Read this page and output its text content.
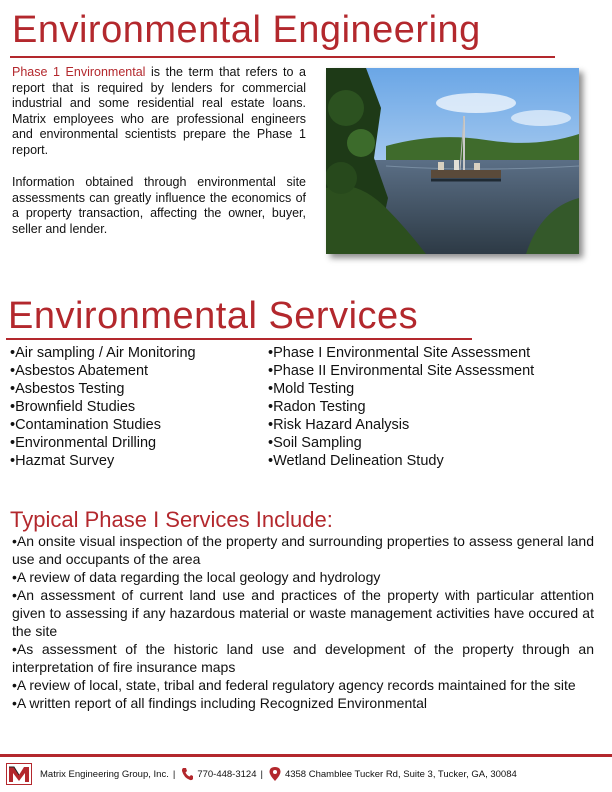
Environmental Engineering

Phase 1 Environmental is the term that refers to a report that is required by lenders for commercial industrial and some residential real estate loans. Matrix employees who are professional engineers and environmental scientists prepare the Phase 1 report.

Information obtained through environmental site assessments can greatly influence the economics of a property transaction, affecting the owner, buyer, seller and lender.

Environmental Services
• Air sampling / Air Monitoring
• Asbestos Abatement
• Asbestos Testing
• Brownfield Studies
• Contamination Studies
• Environmental Drilling
• Hazmat Survey
• Phase I Environmental Site Assessment
• Phase II Environmental Site Assessment
• Mold Testing
• Radon Testing
• Risk Hazard Analysis
• Soil Sampling
• Wetland Delineation Study
Typical Phase I Services Include:
• An onsite visual inspection of the property and surrounding properties to assess general land use and occupants of the area
• A review of data regarding the local geology and hydrology
• An assessment of current land use and practices of the property with particular attention given to assessing if any hazardous material or waste management activities have occured at the site
• As assessment of the historic land use and development of the property through an interpretation of fire insurance maps
• A review of local, state, tribal and federal regulatory agency records maintained for the site
• A written report of all findings including Recognized Environmental
Matrix Engineering Group, Inc. | 770-448-3124 | 4358 Chamblee Tucker Rd, Suite 3, Tucker, GA, 30084
